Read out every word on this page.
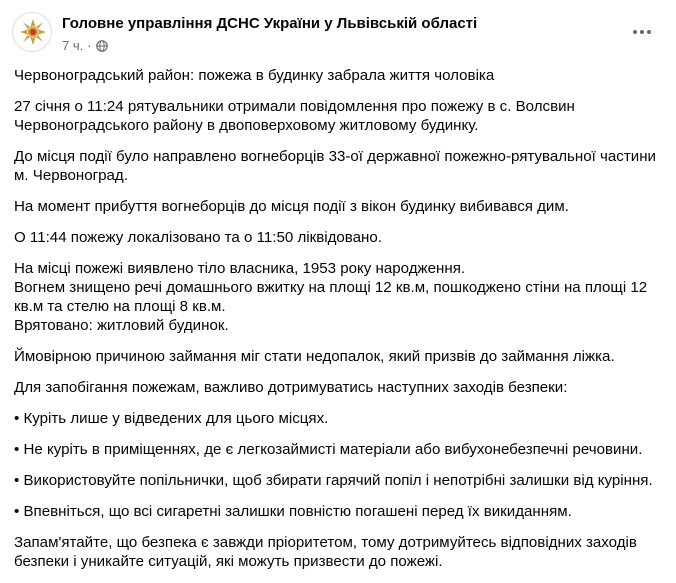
Головне управління ДСНС України у Львівській області
7 ч. ·

Червоноградський район: пожежа в будинку забрала життя чоловіка

27 січня о 11:24 рятувальники отримали повідомлення про пожежу в с. Волсвин
Червоноградського району в двоповерховому житловому будинку.

До місця події було направлено вогнеборців 33-ої державної пожежно-рятувальної частини
м. Червоноград.

На момент прибуття вогнеборців до місця події з вікон будинку вибивався дим.

О 11:44 пожежу локалізовано та о 11:50 ліквідовано.

На місці пожежі виявлено тіло власника, 1953 року народження.
Вогнем знищено речі домашнього вжитку на площі 12 кв.м, пошкоджено стіни на площі 12
кв.м та стелю на площі 8 кв.м.
Врятовано: житловий будинок.

Ймовірною причиною займання міг стати недопалок, який призвів до займання ліжка.

Для запобігання пожежам, важливо дотримуватись наступних заходів безпеки:

• Куріть лише у відведених для цього місцях.

• Не куріть в приміщеннях, де є легкозаймисті матеріали або вибухонебезпечні речовини.

• Використовуйте попільнички, щоб збирати гарячий попіл і непотрібні залишки від куріння.

• Впевніться, що всі сигаретні залишки повністю погашені перед їх викиданням.

Запам'ятайте, що безпека є завжди пріоритетом, тому дотримуйтесь відповідних заходів
безпеки і уникайте ситуацій, які можуть призвести до пожежі.
